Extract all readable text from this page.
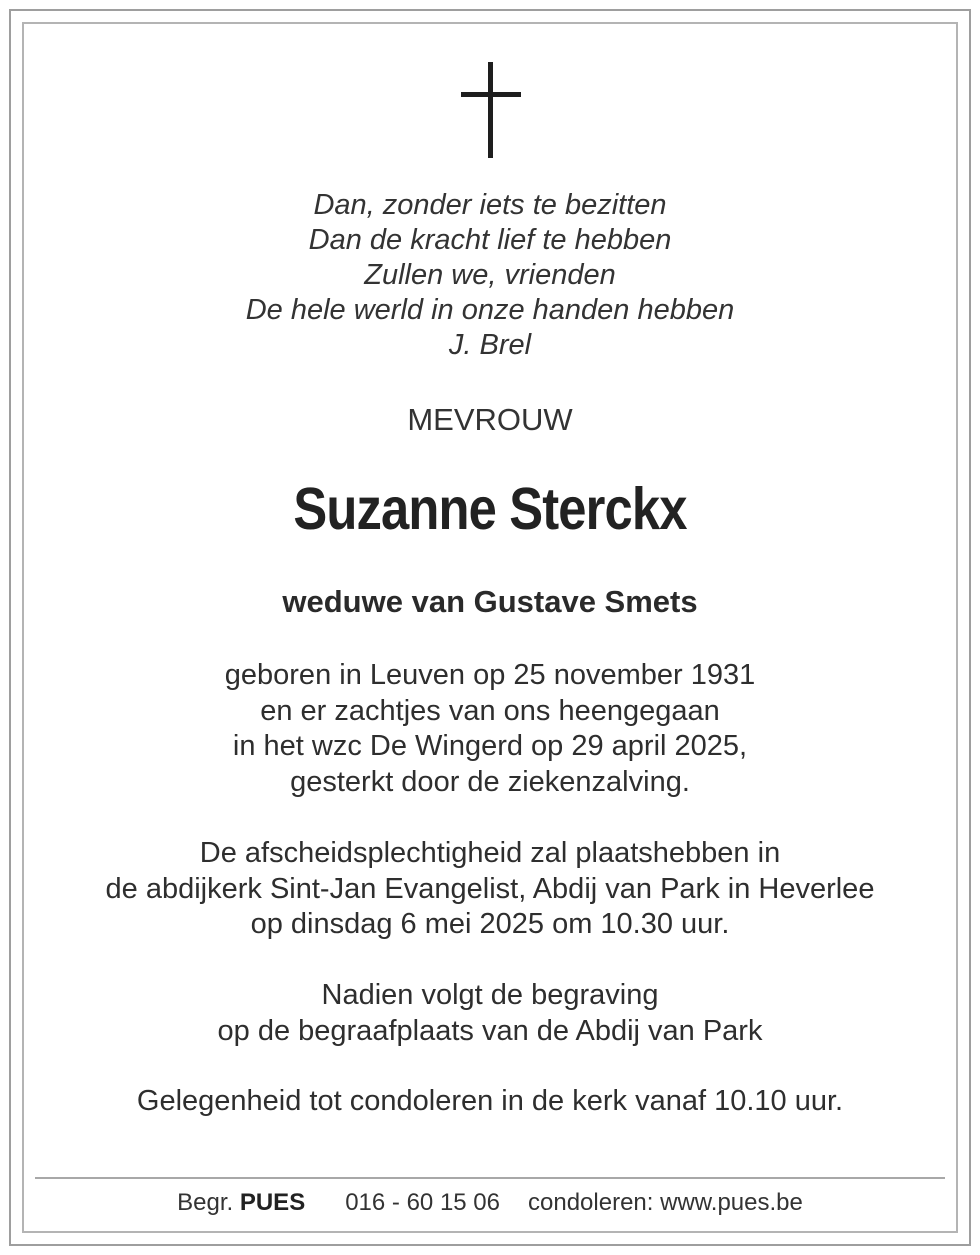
Dan, zonder iets te bezitten
Dan de kracht lief te hebben
Zullen we, vrienden
De hele werld in onze handen hebben
J. Brel
MEVROUW
Suzanne Sterckx
weduwe van Gustave Smets
geboren in Leuven op 25 november 1931
en er zachtjes van ons heengegaan
in het wzc De Wingerd op 29 april 2025,
gesterkt door de ziekenzalving.
De afscheidsplechtigheid zal plaatshebben in
de abdijkerk Sint-Jan Evangelist, Abdij van Park in Heverlee
op dinsdag 6 mei 2025 om 10.30 uur.
Nadien volgt de begraving
op de begraafplaats van de Abdij van Park
Gelegenheid tot condoleren in de kerk vanaf 10.10 uur.
Begr. PUES 016 - 60 15 06 condoleren: www.pues.be
